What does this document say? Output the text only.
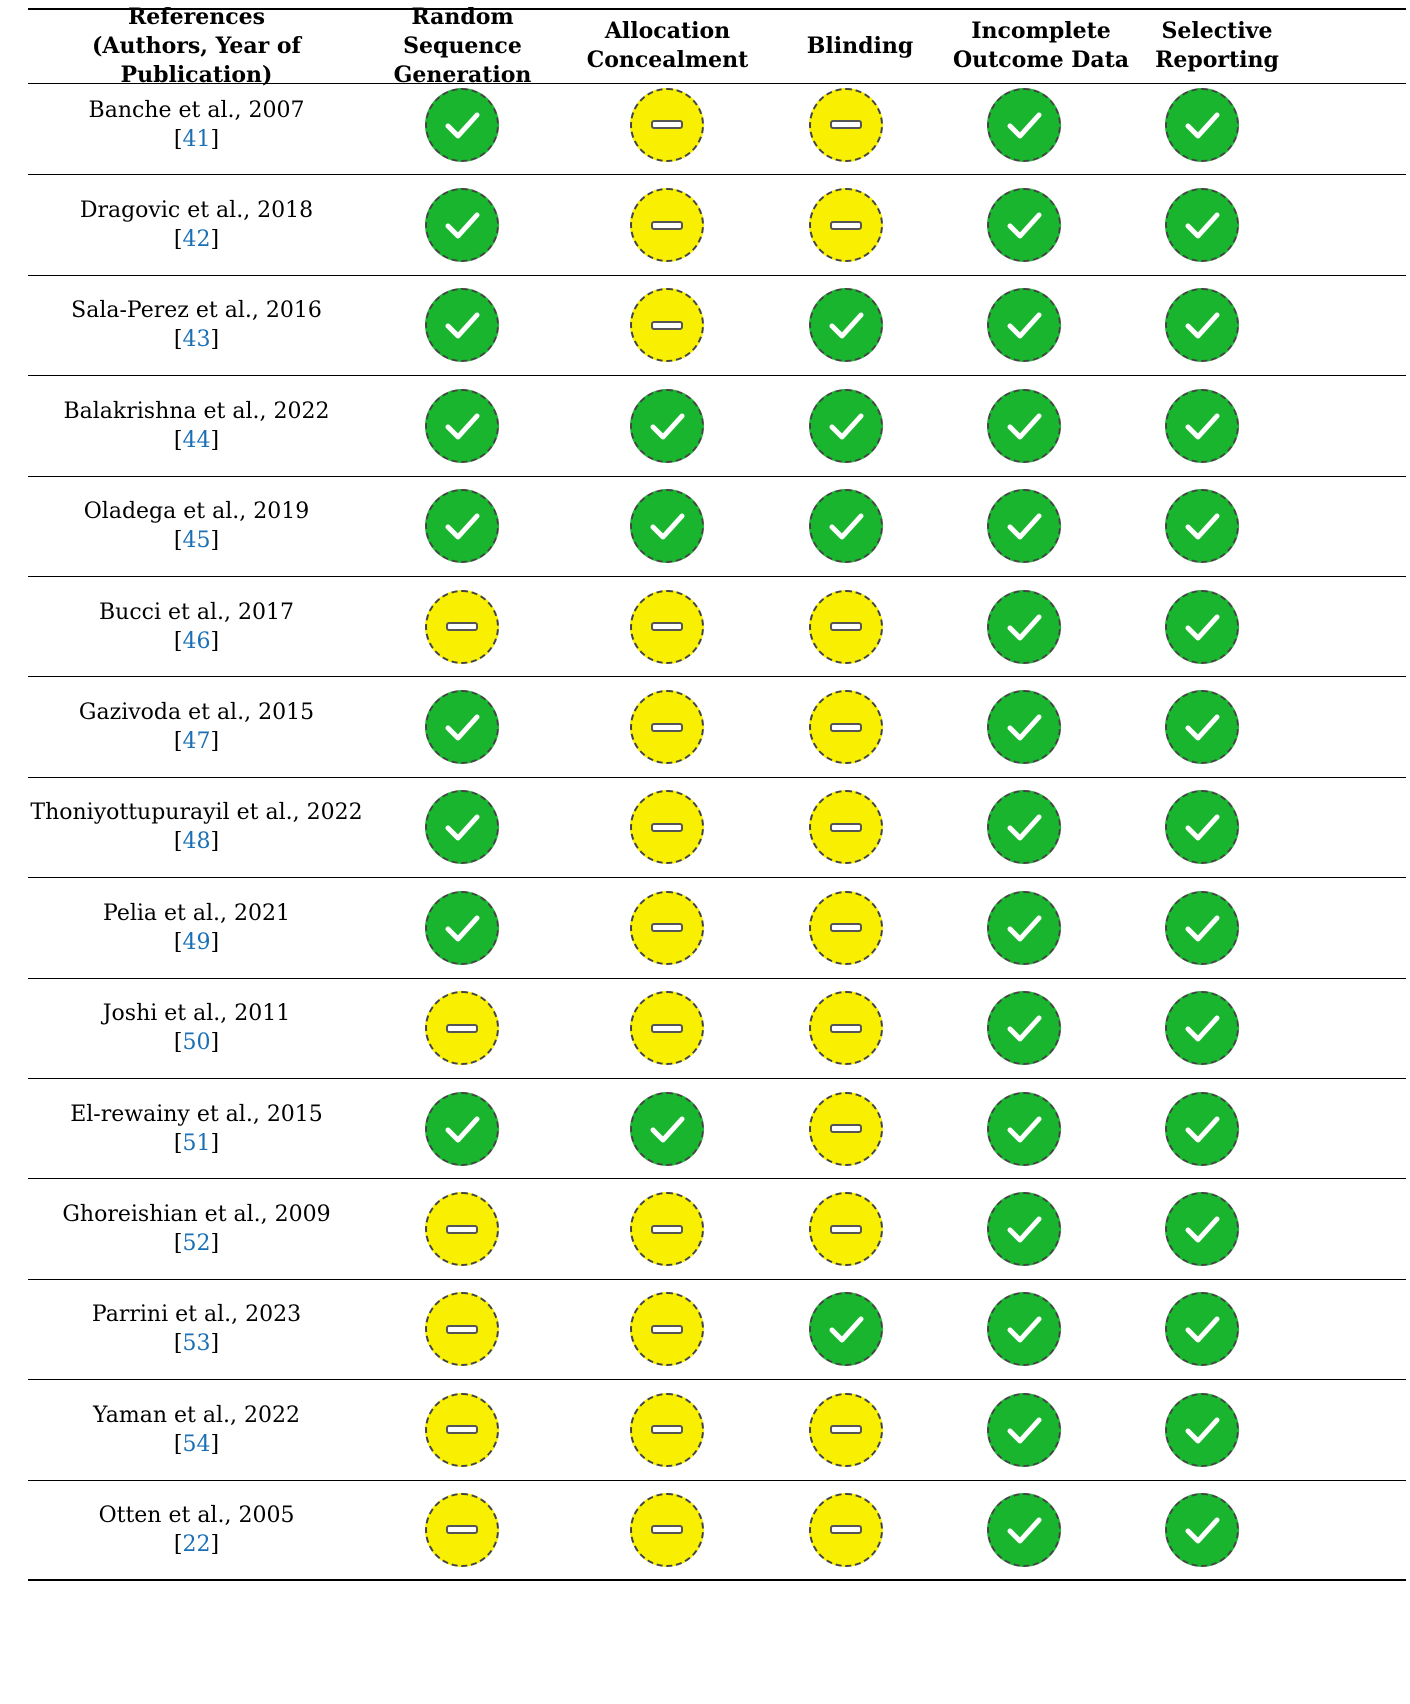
References
(Authors, Year of Publication)
Random Sequence
Generation
Allocation
Concealment
Blinding
Incomplete
Outcome Data
Selective
Reporting
Banche et al., 2007
[41]
Dragovic et al., 2018
[42]
Sala-Perez et al., 2016
[43]
Balakrishna et al., 2022
[44]
Oladega et al., 2019
[45]
Bucci et al., 2017
[46]
Gazivoda et al., 2015
[47]
Thoniyottupurayil et al., 2022
[48]
Pelia et al., 2021
[49]
Joshi et al., 2011
[50]
El-rewainy et al., 2015
[51]
Ghoreishian et al., 2009
[52]
Parrini et al., 2023
[53]
Yaman et al., 2022
[54]
Otten et al., 2005
[22]
